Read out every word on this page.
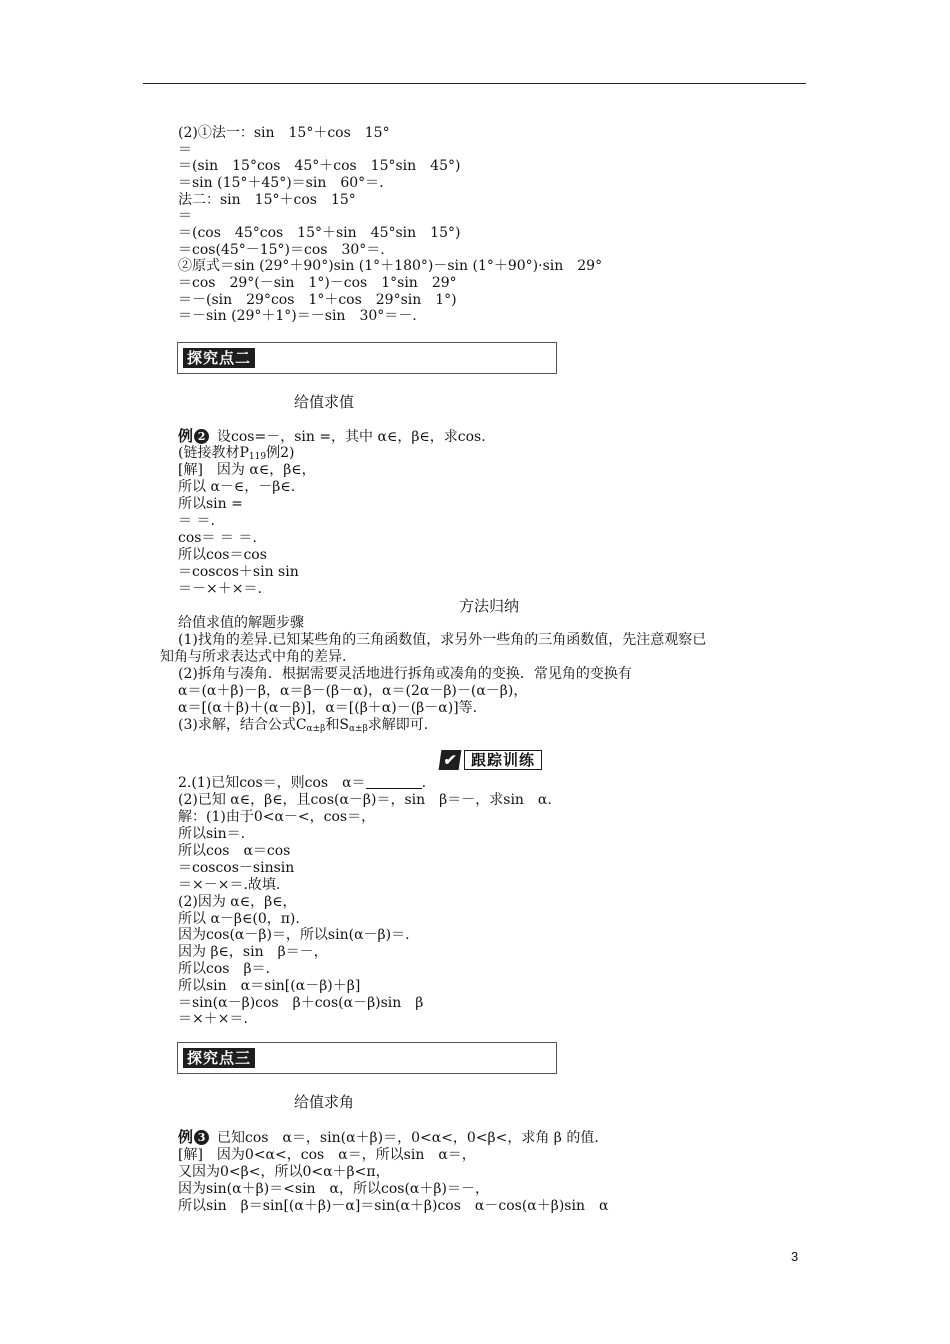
(2)①法一：sin　15°＋cos　15°
＝
＝(sin　15°cos　45°＋cos　15°sin　45°)
＝sin (15°＋45°)＝sin　60°＝.
法二：sin　15°＋cos　15°
＝
＝(cos　45°cos　15°＋sin　45°sin　15°)
＝cos(45°－15°)＝cos　30°＝.
②原式＝sin (29°＋90°)sin (1°＋180°)－sin (1°＋90°)·sin　29°
＝cos　29°(－sin　1°)－cos　1°sin　29°
＝－(sin　29°cos　1°＋cos　29°sin　1°)
＝－sin (29°＋1°)＝－sin　30°＝－.
探究点二
给值求值
例 2 设cos=－，sin =，其中 α∈，β∈，求cos.
(链接教材$P_{119}$例2)
[解]　因为 α∈，β∈，
所以 α－∈，－β∈.
所以sin =
＝ ＝.
cos＝ ＝ ＝.
所以cos＝cos
＝coscos＋sin sin
＝－×＋×＝.
方法归纳
给值求值的解题步骤
(1)找角的差异.已知某些角的三角函数值，求另外一些角的三角函数值，先注意观察已
知角与所求表达式中角的差异.
(2)拆角与凑角．根据需要灵活地进行拆角或凑角的变换．常见角的变换有
α＝(α＋β)－β，α＝β－(β－α)，α＝(2α－β)－(α－β)，
α＝[(α＋β)＋(α－β)]，α＝[(β＋α)－(β－α)]等.
(3)求解，结合公式$C_{\alpha\pm\beta}$和$S_{\alpha\pm\beta}$求解即可.
✔ 跟踪训练
2.(1)已知cos＝，则cos　α＝	.
(2)已知 α∈，β∈，且cos(α－β)＝，sin　β＝－，求sin　α.
解：(1)由于0<α－<，cos＝，
所以sin＝.
所以cos　α＝cos
＝coscos－sinsin
＝×－×＝.故填.
(2)因为 α∈，β∈，
所以 α－β∈(0，π).
因为cos(α－β)＝，所以sin(α－β)＝.
因为 β∈，sin　β＝－，
所以cos　β＝.
所以sin　α＝sin[(α－β)＋β]
＝sin(α－β)cos　β＋cos(α－β)sin　β
＝×＋×＝.
探究点三
给值求角
例 3 已知cos　α＝，sin(α＋β)＝，0<α<，0<β<，求角 β 的值.
[解]　因为0<α<，cos　α＝，所以sin　α＝，
又因为0<β<，所以0<α＋β<π，
因为sin(α＋β)＝<sin　α，所以cos(α＋β)＝－，
所以sin　β＝sin[(α＋β)－α]＝sin(α＋β)cos　α－cos(α＋β)sin　α
3
